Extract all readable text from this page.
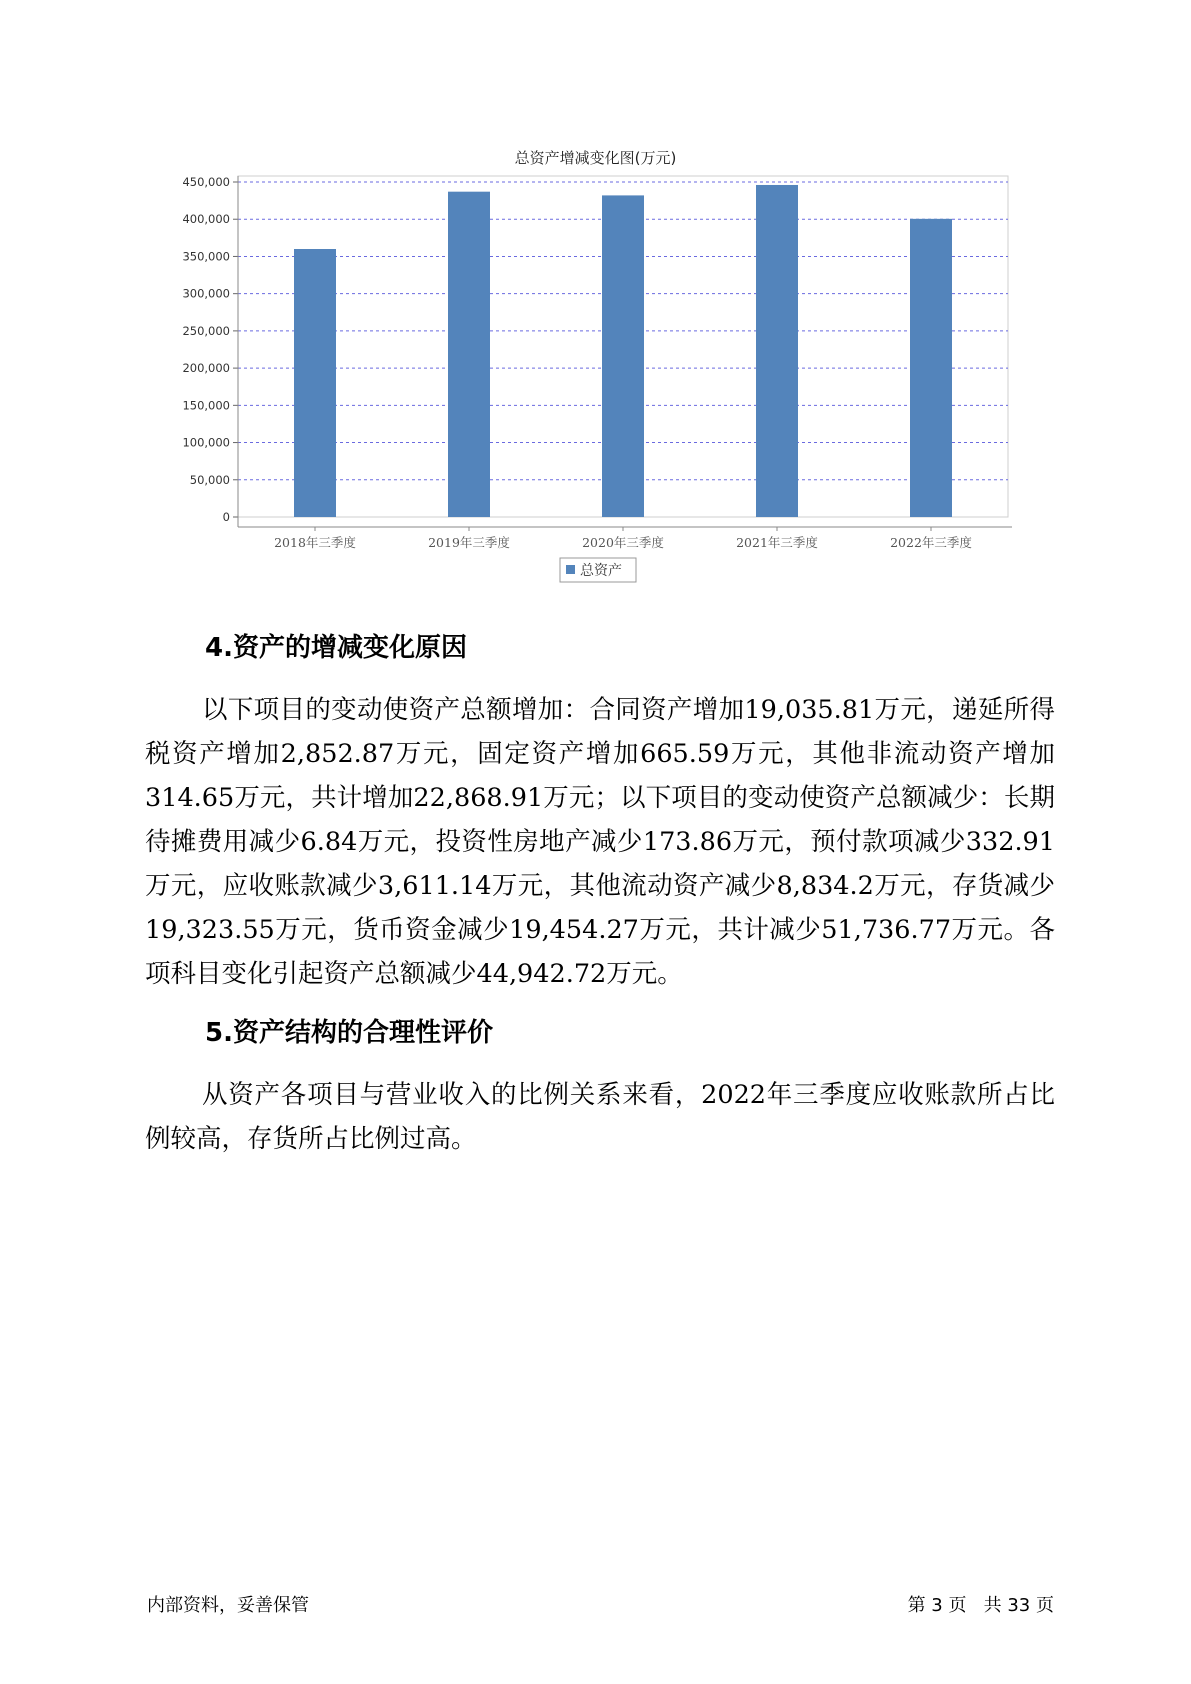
总资产增减变化图(万元)
0
50,000
100,000
150,000
200,000
250,000
300,000
350,000
400,000
450,000
2018年三季度	2019年三季度	2020年三季度	2021年三季度	2022年三季度
总资产
4.资产的增减变化原因
以下项目的变动使资产总额增加：合同资产增加19,035.81万元，递延所得税资产增加2,852.87万元，固定资产增加665.59万元，其他非流动资产增加314.65万元，共计增加22,868.91万元；以下项目的变动使资产总额减少：长期待摊费用减少6.84万元，投资性房地产减少173.86万元，预付款项减少332.91万元，应收账款减少3,611.14万元，其他流动资产减少8,834.2万元，存货减少19,323.55万元，货币资金减少19,454.27万元，共计减少51,736.77万元。各项科目变化引起资产总额减少44,942.72万元。
5.资产结构的合理性评价
从资产各项目与营业收入的比例关系来看，2022年三季度应收账款所占比例较高，存货所占比例过高。
内部资料，妥善保管	第 3 页   共 33 页
